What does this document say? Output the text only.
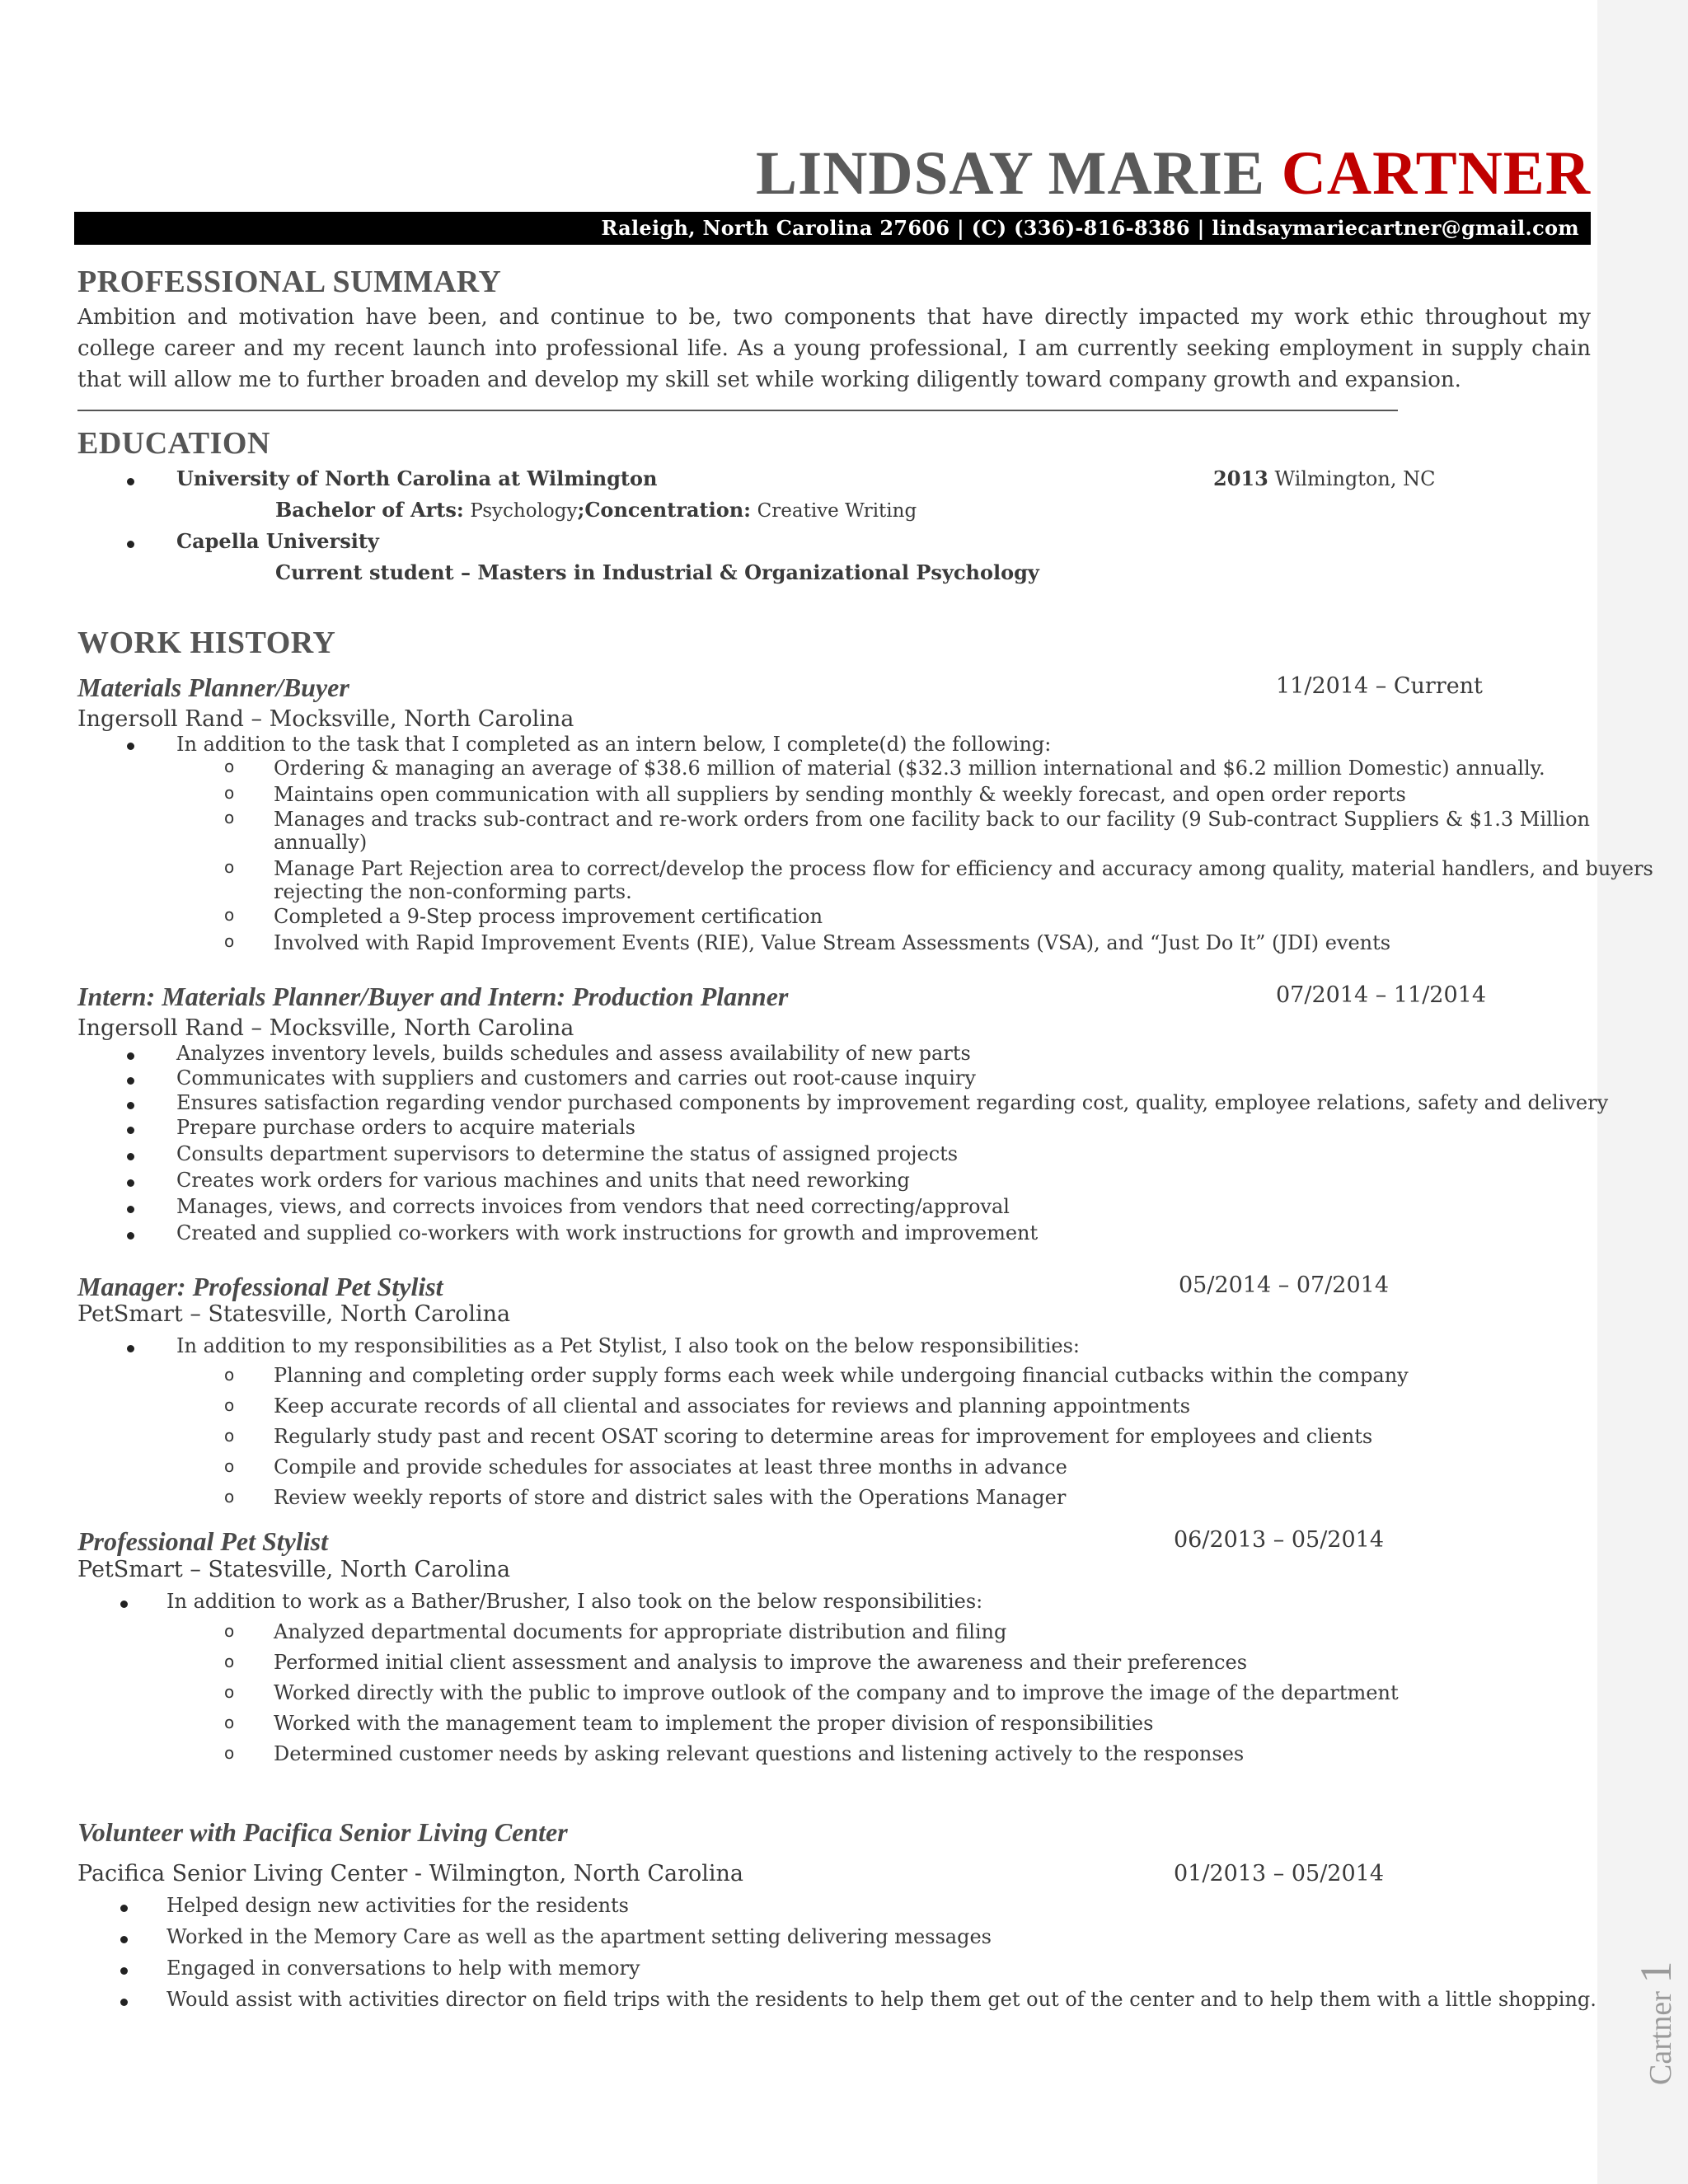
LINDSAY MARIE CARTNER
Raleigh, North Carolina 27606 | (C) (336)-816-8386 | lindsaymariecartner@gmail.com
PROFESSIONAL SUMMARY

Ambition and motivation have been, and continue to be, two components that have directly impacted my work ethic throughout my college career and my recent launch into professional life. As a young professional, I am currently seeking employment in supply chain that will allow me to further broaden and develop my skill set while working diligently toward company growth and expansion.

EDUCATION
University of North Carolina at Wilmington	2013 Wilmington, NC
Bachelor of Arts: Psychology;Concentration: Creative Writing
Capella University
Current student – Masters in Industrial & Organizational Psychology
WORK HISTORY
Materials Planner/Buyer	11/2014 – Current
Ingersoll Rand – Mocksville, North Carolina
In addition to the task that I completed as an intern below, I complete(d) the following:
o Ordering & managing an average of $38.6 million of material ($32.3 million international and $6.2 million Domestic) annually.
o Maintains open communication with all suppliers by sending monthly & weekly forecast, and open order reports
o Manages and tracks sub-contract and re-work orders from one facility back to our facility (9 Sub-contract Suppliers & $1.3 Million
annually)
o Manage Part Rejection area to correct/develop the process flow for efficiency and accuracy among quality, material handlers, and buyers
rejecting the non-conforming parts.
o Completed a 9-Step process improvement certification
o Involved with Rapid Improvement Events (RIE), Value Stream Assessments (VSA), and “Just Do It” (JDI) events
Intern: Materials Planner/Buyer and Intern: Production Planner	07/2014 – 11/2014
Ingersoll Rand – Mocksville, North Carolina
Analyzes inventory levels, builds schedules and assess availability of new parts
Communicates with suppliers and customers and carries out root-cause inquiry
Ensures satisfaction regarding vendor purchased components by improvement regarding cost, quality, employee relations, safety and delivery
Prepare purchase orders to acquire materials
Consults department supervisors to determine the status of assigned projects
Creates work orders for various machines and units that need reworking
Manages, views, and corrects invoices from vendors that need correcting/approval
Created and supplied co-workers with work instructions for growth and improvement
Manager: Professional Pet Stylist	05/2014 – 07/2014
PetSmart – Statesville, North Carolina
In addition to my responsibilities as a Pet Stylist, I also took on the below responsibilities:
o Planning and completing order supply forms each week while undergoing financial cutbacks within the company
o Keep accurate records of all cliental and associates for reviews and planning appointments
o Regularly study past and recent OSAT scoring to determine areas for improvement for employees and clients
o Compile and provide schedules for associates at least three months in advance
o Review weekly reports of store and district sales with the Operations Manager
Professional Pet Stylist	06/2013 – 05/2014
PetSmart – Statesville, North Carolina
In addition to work as a Bather/Brusher, I also took on the below responsibilities:
o Analyzed departmental documents for appropriate distribution and filing
o Performed initial client assessment and analysis to improve the awareness and their preferences
o Worked directly with the public to improve outlook of the company and to improve the image of the department
o Worked with the management team to implement the proper division of responsibilities
o Determined customer needs by asking relevant questions and listening actively to the responses
Volunteer with Pacifica Senior Living Center
Pacifica Senior Living Center - Wilmington, North Carolina	01/2013 – 05/2014
Helped design new activities for the residents
Worked in the Memory Care as well as the apartment setting delivering messages
Engaged in conversations to help with memory
Would assist with activities director on field trips with the residents to help them get out of the center and to help them with a little shopping.	Cartner 1
